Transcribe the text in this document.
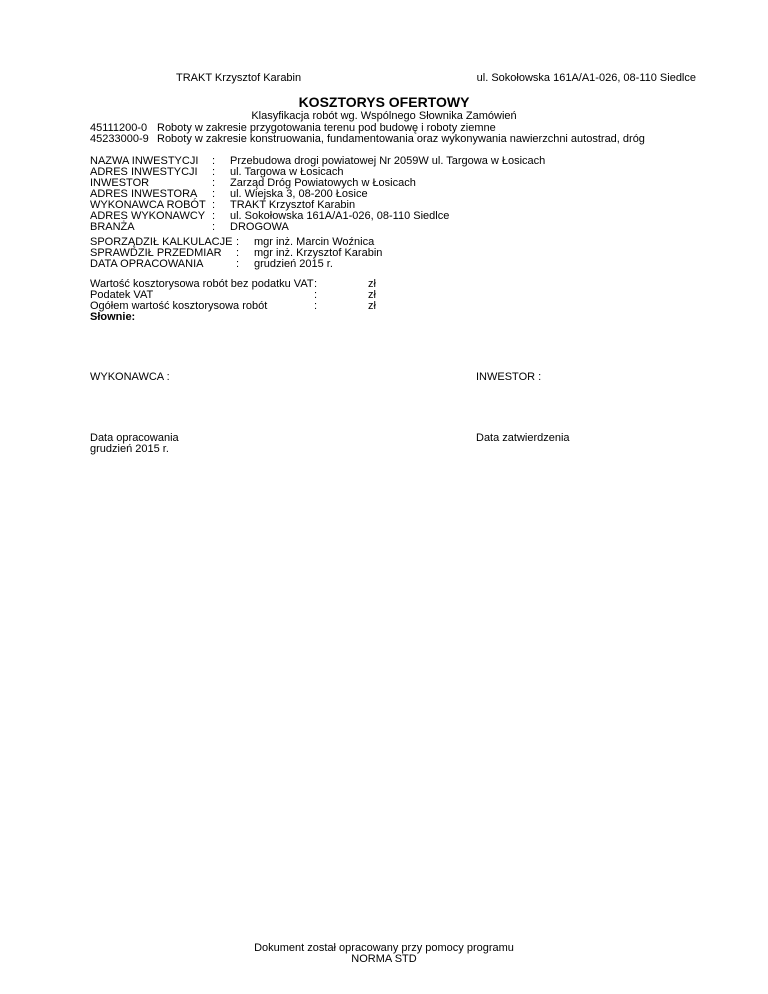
TRAKT Krzysztof Karabin	ul. Sokołowska 161A/A1-026, 08-110 Siedlce
KOSZTORYS OFERTOWY
Klasyfikacja robót wg. Wspólnego Słownika Zamówień
45111200-0 Roboty w zakresie przygotowania terenu pod budowę i roboty ziemne
45233000-9 Roboty w zakresie konstruowania, fundamentowania oraz wykonywania nawierzchni autostrad, dróg
NAZWA INWESTYCJI : Przebudowa drogi powiatowej Nr 2059W ul. Targowa w Łosicach
ADRES INWESTYCJI : ul. Targowa w Łosicach
INWESTOR	: Zarząd Dróg Powiatowych w Łosicach
ADRES INWESTORA : ul. Wiejska 3, 08-200 Łosice
WYKONAWCA ROBÓT : TRAKT Krzysztof Karabin
ADRES WYKONAWCY : ul. Sokołowska 161A/A1-026, 08-110 Siedlce
BRANŻA	: DROGOWA
SPORZĄDZIŁ KALKULACJE : mgr inż. Marcin Woźnica
SPRAWDZIŁ PRZEDMIAR : mgr inż. Krzysztof Karabin
DATA OPRACOWANIA	: grudzień 2015 r.
Wartość kosztorysowa robót bez podatku VAT :	zł
Podatek VAT	:	zł
Ogółem wartość kosztorysowa robót	:	zł
Słownie:
WYKONAWCA :	INWESTOR :
Data opracowania
grudzień 2015 r.
Data zatwierdzenia
Dokument został opracowany przy pomocy programu
NORMA STD
